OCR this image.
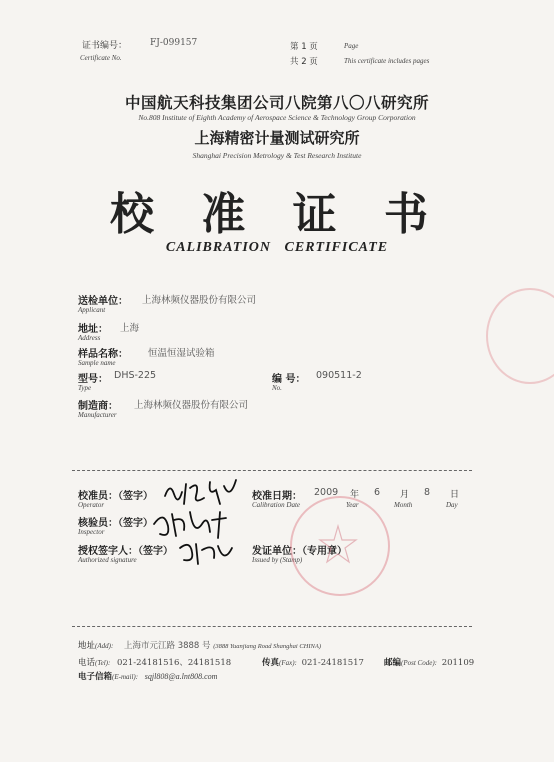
证书编号：
Certificate No.
FJ-099157	第 1 页	Page
共 2 页	This certificate includes pages
中国航天科技集团公司八院第八〇八研究所
No.808 Institute of Eighth Academy of Aerospace Science & Technology Group Corporation
上海精密计量测试研究所
Shanghai Precision Metrology & Test Research Institute
校 准 证 书
CALIBRATION   CERTIFICATE
送检单位：
Applicant
上海林频仪器股份有限公司
地址：
Address
上海
样品名称：
Sample name
恒温恒湿试验箱
型号：
Type
DHS-225	编 号：
No.
090511-2
制造商：
Manufacturer
上海林频仪器股份有限公司
校准员：（签字）
Operator
核验员：（签字）
Inspector
授权签字人：（签字）
Authorized signature
校准日期：
Calibration Date
2009 年
Year
6 月
Month
8 日
Day
发证单位：（专用章）
Issued by (Stamp)
地址(Add): 上海市元江路 3888 号 (3888 Yuanjiang Road Shanghai CHINA)
电话(Tel): 021-24181516、24181518	传真(Fax): 021-24181517 邮编(Post Code): 201109
电子信箱(E-mail): sqjl808@a.lnt808.com
